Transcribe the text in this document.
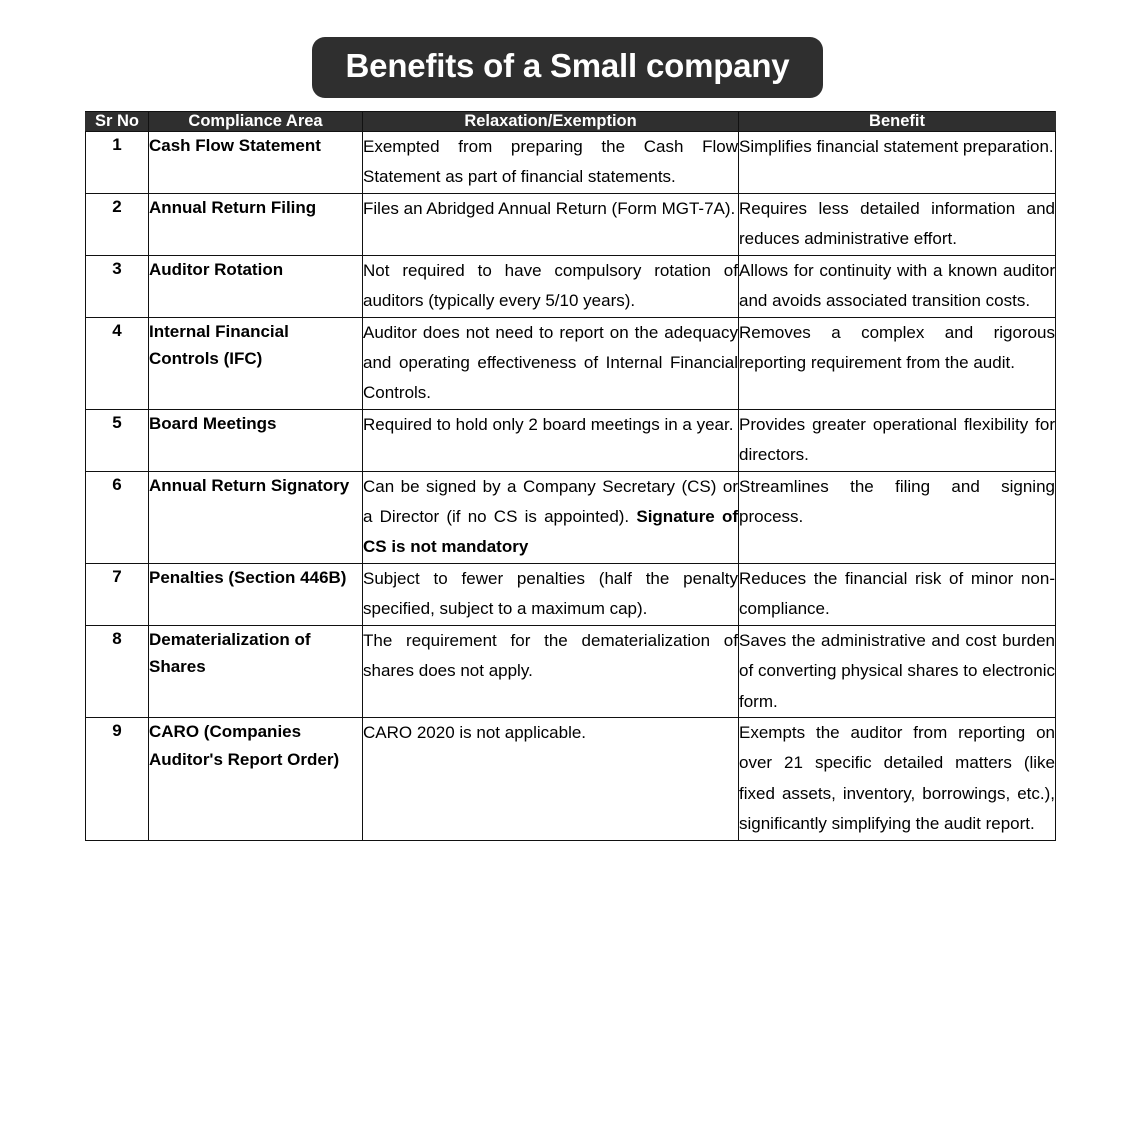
Benefits of a Small company
Sr No	Compliance Area	Relaxation/Exemption	Benefit
1	Cash Flow Statement	Exempted from preparing the Cash Flow Statement as part of financial statements.	Simplifies financial statement preparation.
2	Annual Return Filing	Files an Abridged Annual Return (Form MGT-7A).	Requires less detailed information and reduces administrative effort.
3	Auditor Rotation	Not required to have compulsory rotation of auditors (typically every 5/10 years).	Allows for continuity with a known auditor and avoids associated transition costs.
4	Internal Financial Controls (IFC)	Auditor does not need to report on the adequacy and operating effectiveness of Internal Financial Controls.	Removes a complex and rigorous reporting requirement from the audit.
5	Board Meetings	Required to hold only 2 board meetings in a year.	Provides greater operational flexibility for directors.
6	Annual Return Signatory	Can be signed by a Company Secretary (CS) or a Director (if no CS is appointed). Signature of CS is not mandatory	Streamlines the filing and signing process.
7	Penalties (Section 446B)	Subject to fewer penalties (half the penalty specified, subject to a maximum cap).	Reduces the financial risk of minor non-compliance.
8	Dematerialization of Shares	The requirement for the dematerialization of shares does not apply.	Saves the administrative and cost burden of converting physical shares to electronic form.
9	CARO (Companies Auditor's Report Order)	CARO 2020 is not applicable.	Exempts the auditor from reporting on over 21 specific detailed matters (like fixed assets, inventory, borrowings, etc.), significantly simplifying the audit report.
